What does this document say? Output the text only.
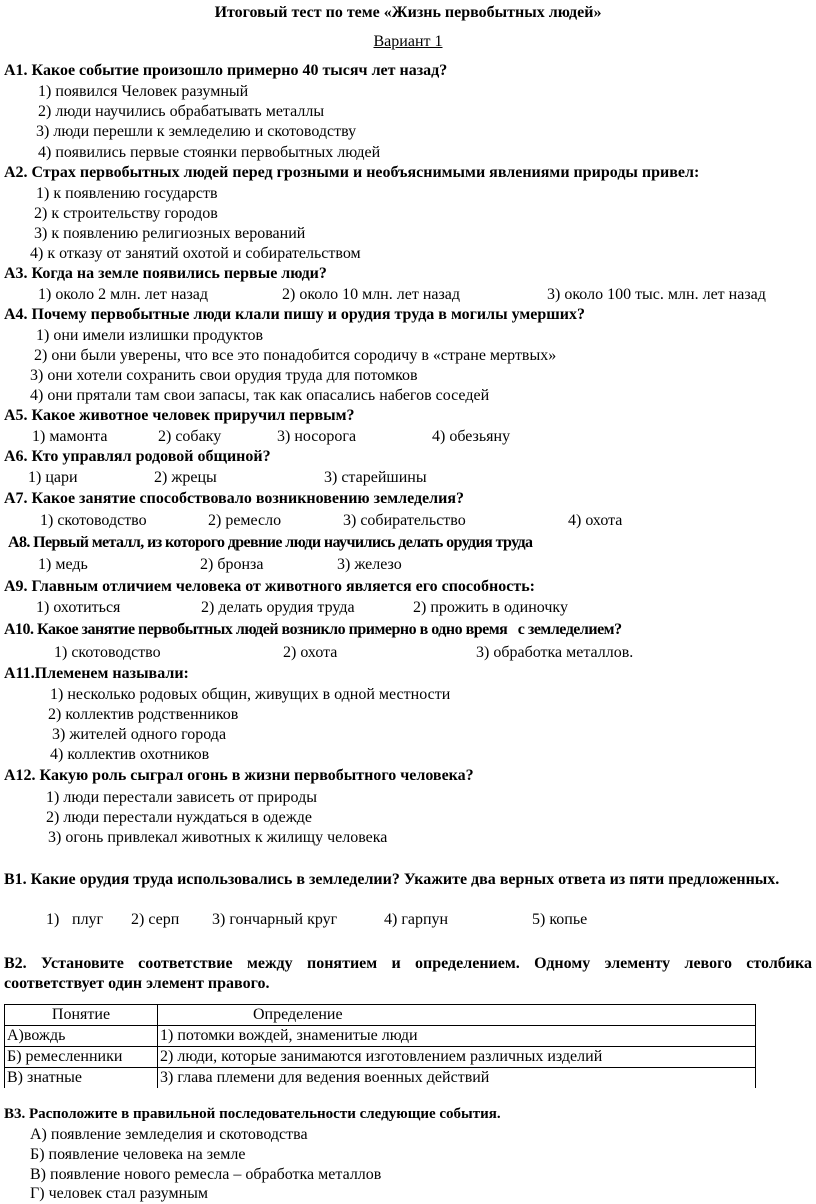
Итоговый тест по теме «Жизнь первобытных людей»
Вариант 1
А1. Какое событие произошло примерно 40 тысяч лет назад?
1) появился Человек разумный
2) люди научились обрабатывать металлы
3) люди перешли к земледелию и скотоводству
4) появились первые стоянки первобытных людей
А2. Страх первобытных людей перед грозными и необъяснимыми явлениями природы привел:
1) к появлению государств
2) к строительству городов
3) к появлению религиозных верований
4) к отказу от занятий охотой и собирательством
А3. Когда на земле появились первые люди?
1) около 2 млн. лет назад	2) около 10 млн. лет назад	3) около 100 тыс. млн. лет назад
А4. Почему первобытные люди клали пишу и орудия труда в могилы умерших?
1) они имели излишки продуктов
2) они были уверены, что все это понадобится сородичу в «стране мертвых»
3) они хотели сохранить свои орудия труда для потомков
4) они прятали там свои запасы, так как опасались набегов соседей
А5. Какое животное человек приручил первым?
1) мамонта	2) собаку	3) носорога	4) обезьяну
А6. Кто управлял родовой общиной?
1) цари	2) жрецы	3) старейшины
А7. Какое занятие способствовало возникновению земледелия?
1) скотоводство	2) ремесло	3) собирательство	4) охота
А8. Первый металл, из которого древние люди научились делать орудия труда
1) медь	2) бронза	3) железо
А9. Главным отличием человека от животного является его способность:
1) охотиться	2) делать орудия труда	2) прожить в одиночку
А10. Какое занятие первобытных людей возникло примерно в одно время   с земледелием?
1) скотоводство	2) охота	3) обработка металлов.
А11.Племенем называли:
1) несколько родовых общин, живущих в одной местности
2) коллектив родственников
3) жителей одного города
4) коллектив охотников
А12. Какую роль сыграл огонь в жизни первобытного человека?
1) люди перестали зависеть от природы
2) люди перестали нуждаться в одежде
3) огонь привлекал животных к жилищу человека
В1. Какие орудия труда использовались в земледелии? Укажите два верных ответа из пяти предложенных.
1) плуг 2) серп 3) гончарный круг	4) гарпун	5) копье
В2. Установите соответствие между понятием и определением. Одному элементу левого столбика соответствует один элемент правого.
Понятие	Определение
А)вождь	1) потомки вождей, знаменитые люди
Б) ремесленники	2) люди, которые занимаются изготовлением различных изделий
В) знатные	3) глава племени для ведения военных действий
В3. Расположите в правильной последовательности следующие события.
А) появление земледелия и скотоводства
Б) появление человека на земле
В) появление нового ремесла – обработка металлов
Г) человек стал разумным
